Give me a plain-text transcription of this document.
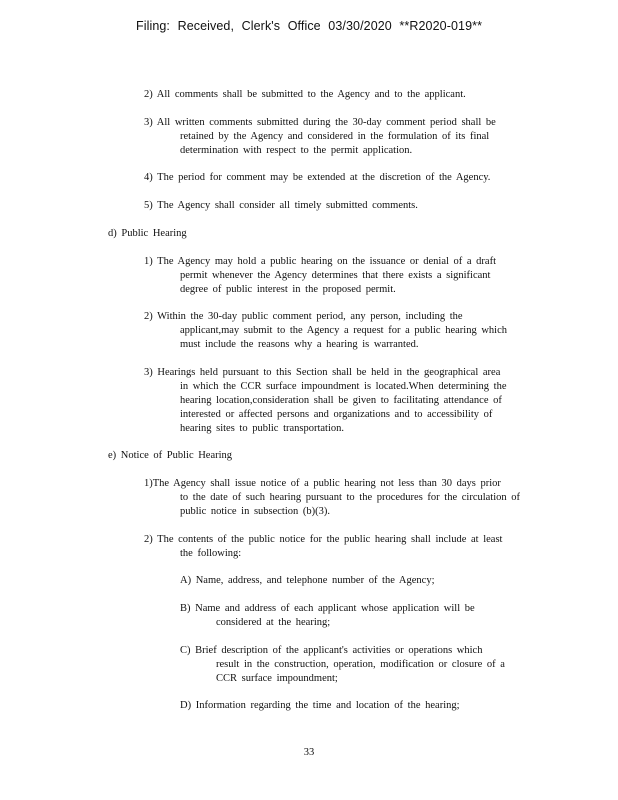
Filing: Received, Clerk's Office 03/30/2020 **R2020-019**
2) All comments shall be submitted to the Agency and to the applicant.
3) All written comments submitted during the 30-day comment period shall be
retained by the Agency and considered in the formulation of its final
determination with respect to the permit application.
4) The period for comment may be extended at the discretion of the Agency.
5) The Agency shall consider all timely submitted comments.
d) Public Hearing
1) The Agency may hold a public hearing on the issuance or denial of a draft
permit whenever the Agency determines that there exists a significant
degree of public interest in the proposed permit.
2) Within the 30-day public comment period, any person, including the
applicant,may submit to the Agency a request for a public hearing which
must include the reasons why a hearing is warranted.
3) Hearings held pursuant to this Section shall be held in the geographical area
in which the CCR surface impoundment is located.When determining the
hearing location,consideration shall be given to facilitating attendance of
interested or affected persons and organizations and to accessibility of
hearing sites to public transportation.
e) Notice of Public Hearing
1)The Agency shall issue notice of a public hearing not less than 30 days prior
to the date of such hearing pursuant to the procedures for the circulation of
public notice in subsection (b)(3).
2) The contents of the public notice for the public hearing shall include at least
the following:
A) Name, address, and telephone number of the Agency;
B) Name and address of each applicant whose application will be
considered at the hearing;
C) Brief description of the applicant's activities or operations which
result in the construction, operation, modification or closure of a
CCR surface impoundment;
D) Information regarding the time and location of the hearing;
33
